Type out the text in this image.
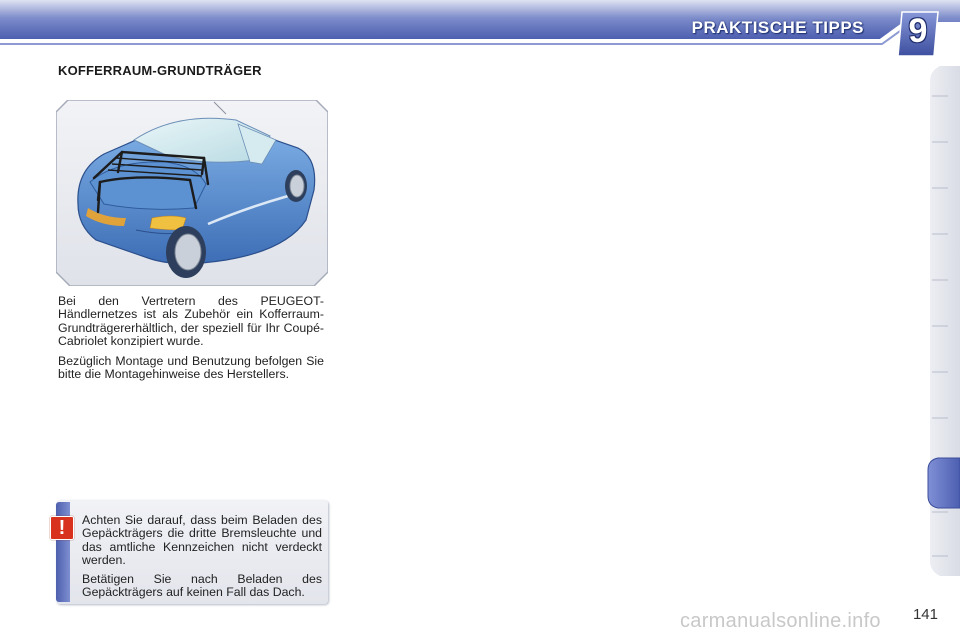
PRAKTISCHE TIPPS	9
KOFFERRAUM-GRUNDTRÄGER

Bei den Vertretern des PEUGEOT-Händlernetzes ist als Zubehör ein Kofferraum-Grundträgererhältlich, der speziell für Ihr Coupé-Cabriolet konzipiert wurde.

Bezüglich Montage und Benutzung befolgen Sie bitte die Montagehinweise des Herstellers.

!	Achten Sie darauf, dass beim Beladen des Gepäckträgers die dritte Bremsleuchte und das amtliche Kennzeichen nicht verdeckt werden.

Betätigen Sie nach Beladen des Gepäckträgers auf keinen Fall das Dach.

carmanualsonline.info 141
